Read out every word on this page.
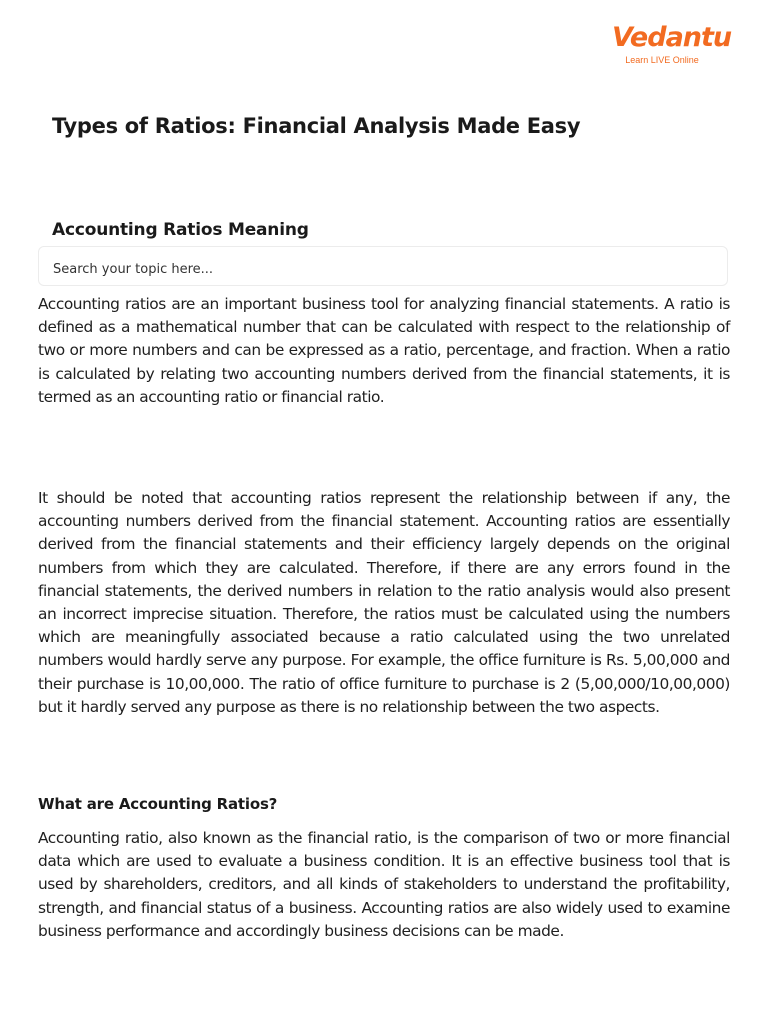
Vedantu
Learn LIVE Online
Types of Ratios: Financial Analysis Made Easy
Accounting Ratios Meaning
Search your topic here...

Accounting ratios are an important business tool for analyzing financial statements. A ratio is defined as a mathematical number that can be calculated with respect to the relationship of two or more numbers and can be expressed as a ratio, percentage, and fraction. When a ratio is calculated by relating two accounting numbers derived from the financial statements, it is termed as an accounting ratio or financial ratio.

It should be noted that accounting ratios represent the relationship between if any, the accounting numbers derived from the financial statement. Accounting ratios are essentially derived from the financial statements and their efficiency largely depends on the original numbers from which they are calculated. Therefore, if there are any errors found in the financial statements, the derived numbers in relation to the ratio analysis would also present an incorrect imprecise situation. Therefore, the ratios must be calculated using the numbers which are meaningfully associated because a ratio calculated using the two unrelated numbers would hardly serve any purpose. For example, the office furniture is Rs. 5,00,000 and their purchase is 10,00,000. The ratio of office furniture to purchase is 2 (5,00,000/10,00,000) but it hardly served any purpose as there is no relationship between the two aspects.

What are Accounting Ratios?

Accounting ratio, also known as the financial ratio, is the comparison of two or more financial data which are used to evaluate a business condition. It is an effective business tool that is used by shareholders, creditors, and all kinds of stakeholders to understand the profitability, strength, and financial status of a business. Accounting ratios are also widely used to examine business performance and accordingly business decisions can be made.
